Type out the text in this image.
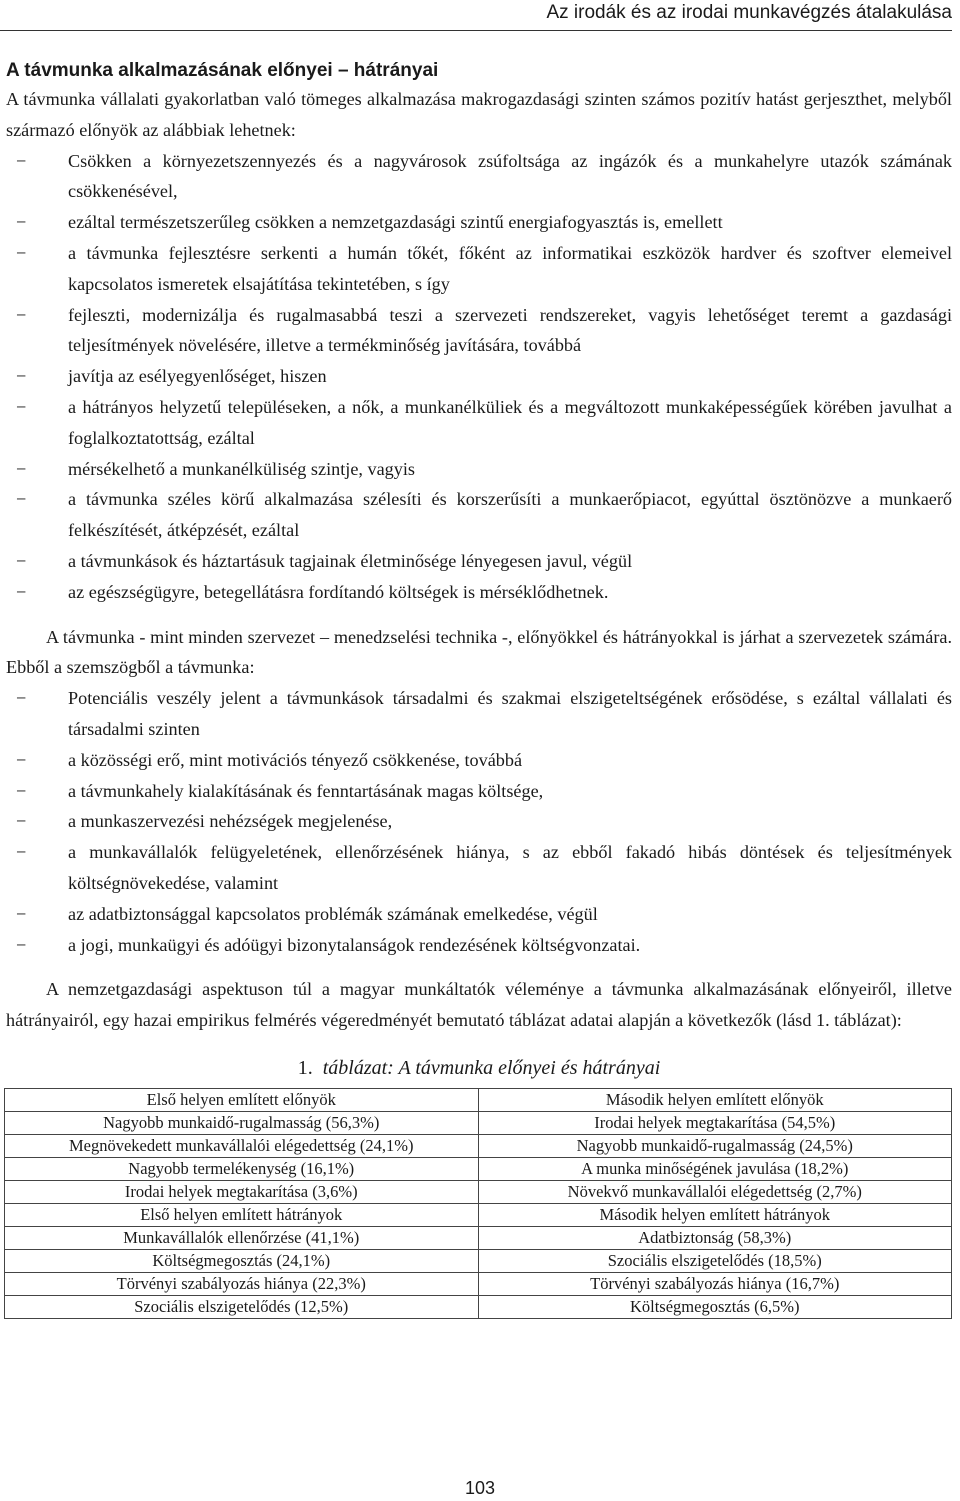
Az irodák és az irodai munkavégzés átalakulása
A távmunka alkalmazásának előnyei – hátrányai

A távmunka vállalati gyakorlatban való tömeges alkalmazása makrogazdasági szinten számos pozitív hatást gerjeszthet, melyből származó előnyök az alábbiak lehetnek:

− Csökken a környezetszennyezés és a nagyvárosok zsúfoltsága az ingázók és a munkahelyre utazók számának csökkenésével,
− ezáltal természetszerűleg csökken a nemzetgazdasági szintű energiafogyasztás is, emellett
− a távmunka fejlesztésre serkenti a humán tőkét, főként az informatikai eszközök hardver és szoftver elemeivel kapcsolatos ismeretek elsajátítása tekintetében, s így
− fejleszti, modernizálja és rugalmasabbá teszi a szervezeti rendszereket, vagyis lehetőséget teremt a gazdasági teljesítmények növelésére, illetve a termékminőség javítására, továbbá
− javítja az esélyegyenlőséget, hiszen
− a hátrányos helyzetű településeken, a nők, a munkanélküliek és a megváltozott munkaképességűek körében javulhat a foglalkoztatottság, ezáltal
− mérsékelhető a munkanélküliség szintje, vagyis
− a távmunka széles körű alkalmazása szélesíti és korszerűsíti a munkaerőpiacot, egyúttal ösztönözve a munkaerő felkészítését, átképzését, ezáltal
− a távmunkások és háztartásuk tagjainak életminősége lényegesen javul, végül
− az egészségügyre, betegellátásra fordítandó költségek is mérséklődhetnek.

A távmunka - mint minden szervezet – menedzselési technika -, előnyökkel és hátrányokkal is járhat a szervezetek számára. Ebből a szemszögből a távmunka:

− Potenciális veszély jelent a távmunkások társadalmi és szakmai elszigeteltségének erősödése, s ezáltal vállalati és társadalmi szinten
− a közösségi erő, mint motivációs tényező csökkenése, továbbá
− a távmunkahely kialakításának és fenntartásának magas költsége,
− a munkaszervezési nehézségek megjelenése,
− a munkavállalók felügyeletének, ellenőrzésének hiánya, s az ebből fakadó hibás döntések és teljesítmények költségnövekedése, valamint
− az adatbiztonsággal kapcsolatos problémák számának emelkedése, végül
− a jogi, munkaügyi és adóügyi bizonytalanságok rendezésének költségvonzatai.

A nemzetgazdasági aspektuson túl a magyar munkáltatók véleménye a távmunka alkalmazásának előnyeiről, illetve hátrányairól, egy hazai empirikus felmérés végeredményét bemutató táblázat adatai alapján a következők (lásd 1. táblázat):

1. táblázat: A távmunka előnyei és hátrányai
Első helyen említett előnyök	Második helyen említett előnyök
Nagyobb munkaidő-rugalmasság (56,3%)	Irodai helyek megtakarítása (54,5%)
Megnövekedett munkavállalói elégedettség (24,1%)	Nagyobb munkaidő-rugalmasság (24,5%)
Nagyobb termelékenység (16,1%)	A munka minőségének javulása (18,2%)
Irodai helyek megtakarítása (3,6%)	Növekvő munkavállalói elégedettség (2,7%)
Első helyen említett hátrányok	Második helyen említett hátrányok
Munkavállalók ellenőrzése (41,1%)	Adatbiztonság (58,3%)
Költségmegosztás (24,1%)	Szociális elszigetelődés (18,5%)
Törvényi szabályozás hiánya (22,3%)	Törvényi szabályozás hiánya (16,7%)
Szociális elszigetelődés (12,5%)	Költségmegosztás (6,5%)
103
